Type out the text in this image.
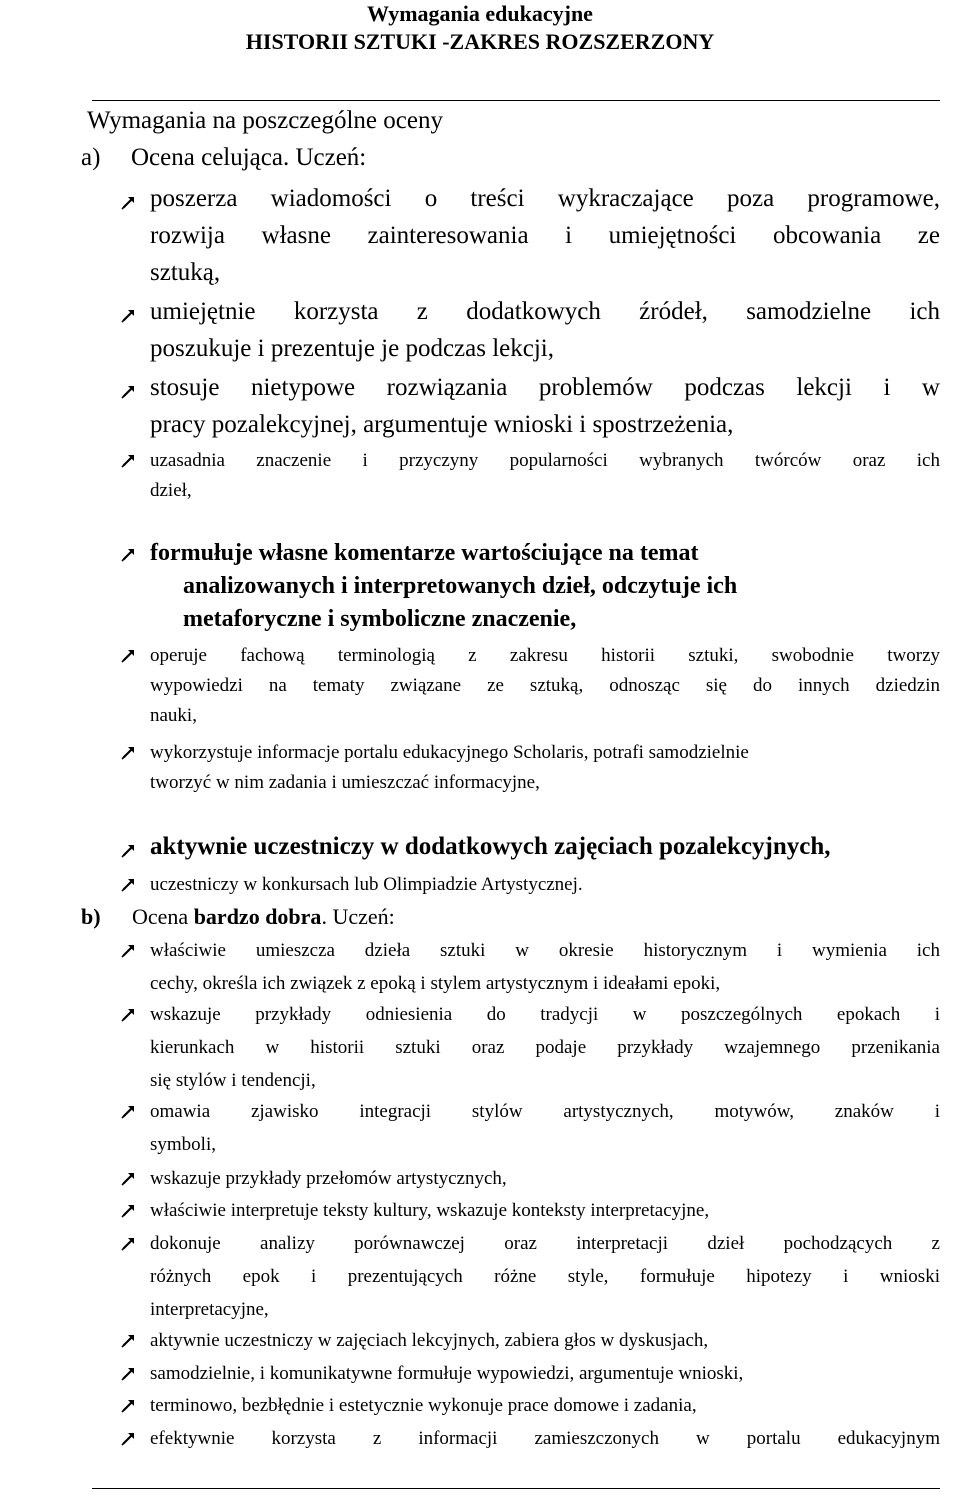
Wymagania edukacyjne
HISTORII SZTUKI -ZAKRES ROZSZERZONY
Wymagania na poszczególne oceny
a) Ocena celująca. Uczeń:
poszerza wiadomości o treści wykraczające poza programowe,
rozwija własne zainteresowania i umiejętności obcowania ze
sztuką,
umiejętnie korzysta z dodatkowych źródeł, samodzielne ich
poszukuje i prezentuje je podczas lekcji,
stosuje nietypowe rozwiązania problemów podczas lekcji i w
pracy pozalekcyjnej, argumentuje wnioski i spostrzeżenia,
uzasadnia znaczenie i przyczyny popularności wybranych twórców oraz ich
dzieł,
formułuje własne komentarze wartościujące na temat
analizowanych i interpretowanych dzieł, odczytuje ich
metaforyczne i symboliczne znaczenie,
operuje fachową terminologią z zakresu historii sztuki, swobodnie tworzy
wypowiedzi na tematy związane ze sztuką, odnosząc się do innych dziedzin
nauki,
wykorzystuje informacje portalu edukacyjnego Scholaris, potrafi samodzielnie
tworzyć w nim zadania i umieszczać informacyjne,
aktywnie uczestniczy w dodatkowych zajęciach pozalekcyjnych,
uczestniczy w konkursach lub Olimpiadzie Artystycznej.
b) Ocena bardzo dobra. Uczeń:
właściwie umieszcza dzieła sztuki w okresie historycznym i wymienia ich
cechy, określa ich związek z epoką i stylem artystycznym i ideałami epoki,
wskazuje przykłady odniesienia do tradycji w poszczególnych epokach i
kierunkach w historii sztuki oraz podaje przykłady wzajemnego przenikania
się stylów i tendencji,
omawia zjawisko integracji stylów artystycznych, motywów, znaków i
symboli,
wskazuje przykłady przełomów artystycznych,
właściwie interpretuje teksty kultury, wskazuje konteksty interpretacyjne,
dokonuje analizy porównawczej oraz interpretacji dzieł pochodzących z
różnych epok i prezentujących różne style, formułuje hipotezy i wnioski
interpretacyjne,
aktywnie uczestniczy w zajęciach lekcyjnych, zabiera głos w dyskusjach,
samodzielnie, i komunikatywne formułuje wypowiedzi, argumentuje wnioski,
terminowo, bezbłędnie i estetycznie wykonuje prace domowe i zadania,
efektywnie korzysta z informacji zamieszczonych w portalu edukacyjnym
